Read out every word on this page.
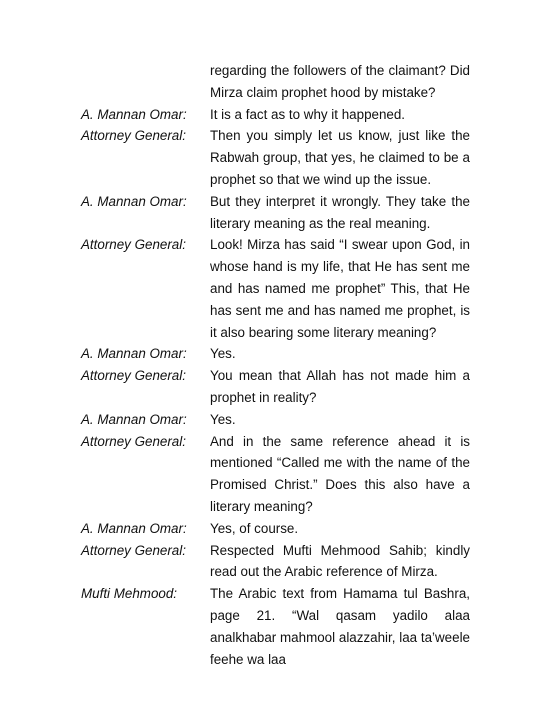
regarding the followers of the claimant? Did Mirza claim prophet hood by mistake?
A. Mannan Omar:	It is a fact as to why it happened.
Attorney General:	Then you simply let us know, just like the Rabwah group, that yes, he claimed to be a prophet so that we wind up the issue.
A. Mannan Omar:	But they interpret it wrongly. They take the literary meaning as the real meaning.
Attorney General:	Look! Mirza has said “I swear upon God, in whose hand is my life, that He has sent me and has named me prophet” This, that He has sent me and has named me prophet, is it also bearing some literary meaning?
A. Mannan Omar:	Yes.
Attorney General:	You mean that Allah has not made him a prophet in reality?
A. Mannan Omar:	Yes.
Attorney General:	And in the same reference ahead it is mentioned “Called me with the name of the Promised Christ.” Does this also have a literary meaning?
A. Mannan Omar:	Yes, of course.
Attorney General:	Respected Mufti Mehmood Sahib; kindly read out the Arabic reference of Mirza.
Mufti Mehmood:	The Arabic text from Hamama tul Bashra, page 21. “Wal qasam yadilo alaa analkhabar mahmool alazzahir, laa ta’weele feehe wa laa
